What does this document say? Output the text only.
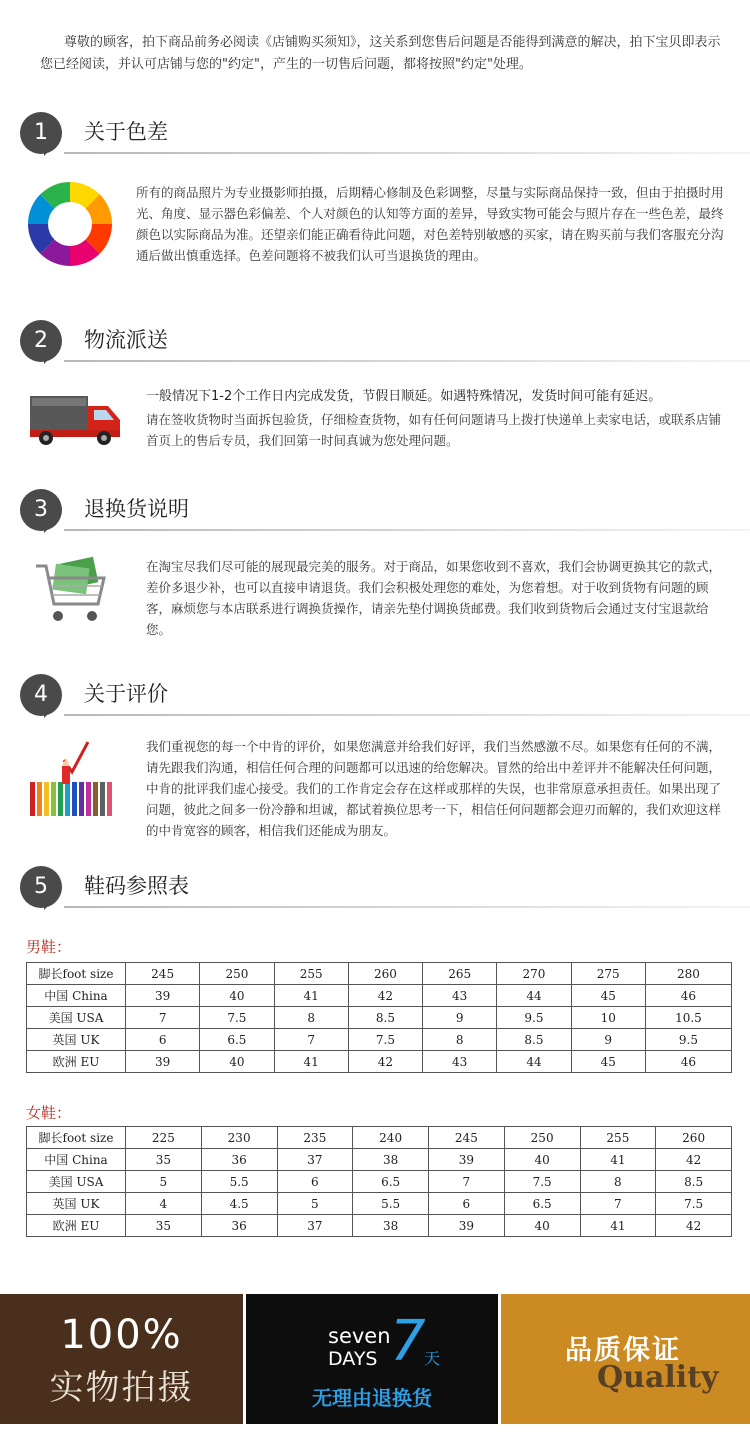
尊敬的顾客，拍下商品前务必阅读《店铺购买须知》，这关系到您售后问题是否能得到满意的解决，拍下宝贝即表示您已经阅读，并认可店铺与您的"约定"，产生的一切售后问题，都将按照"约定"处理。
1	关于色差
所有的商品照片为专业摄影师拍摄，后期精心修制及色彩调整，尽量与实际商品保持一致，但由于拍摄时用光、角度、显示器色彩偏差、个人对颜色的认知等方面的差异，导致实物可能会与照片存在一些色差，最终颜色以实际商品为准。还望亲们能正确看待此问题，对色差特别敏感的买家，请在购买前与我们客服充分沟通后做出慎重选择。色差问题将不被我们认可当退换货的理由。
2	物流派送
一般情况下1-2个工作日内完成发货，节假日顺延。如遇特殊情况，发货时间可能有延迟。
请在签收货物时当面拆包验货，仔细检查货物，如有任何问题请马上拨打快递单上卖家电话，或联系店铺首页上的售后专员，我们回第一时间真诚为您处理问题。
3	退换货说明
在淘宝尽我们尽可能的展现最完美的服务。对于商品，如果您收到不喜欢，我们会协调更换其它的款式，差价多退少补，也可以直接申请退货。我们会积极处理您的难处，为您着想。对于收到货物有问题的顾客，麻烦您与本店联系进行调换货操作，请亲先垫付调换货邮费。我们收到货物后会通过支付宝退款给您。
4	关于评价
我们重视您的每一个中肯的评价，如果您满意并给我们好评，我们当然感激不尽。如果您有任何的不满，请先跟我们沟通，相信任何合理的问题都可以迅速的给您解决。冒然的给出中差评并不能解决任何问题，中肯的批评我们虚心接受。我们的工作肯定会存在这样或那样的失误，也非常原意承担责任。如果出现了问题，彼此之间多一份冷静和坦诚，都试着换位思考一下，相信任何问题都会迎刃而解的，我们欢迎这样的中肯宽容的顾客，相信我们还能成为朋友。
5	鞋码参照表
男鞋：
脚长foot size	245	250	255	260	265	270	275	280
中国 China	39	40	41	42	43	44	45	46
美国 USA	7	7.5	8	8.5	9	9.5	10	10.5
英国 UK	6	6.5	7	7.5	8	8.5	9	9.5
欧洲 EU	39	40	41	42	43	44	45	46
女鞋：
脚长foot size	225	230	235	240	245	250	255	260
中国 China	35	36	37	38	39	40	41	42
美国 USA	5	5.5	6	6.5	7	7.5	8	8.5
英国 UK	4	4.5	5	5.5	6	6.5	7	7.5
欧洲 EU	35	36	37	38	39	40	41	42
100%
实物拍摄
seven
DAYS 7
天
无理由退换货
品质保证
Quality
